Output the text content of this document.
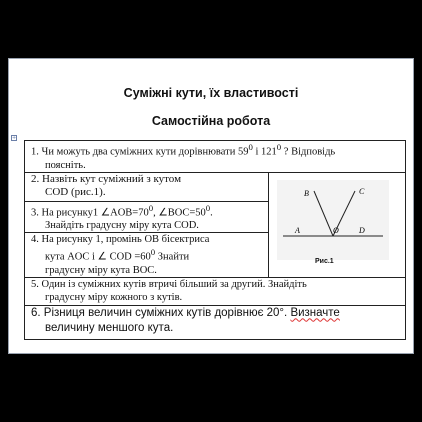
Суміжні кути, їх властивості
Самостійна робота
+
1. Чи можуть два суміжних кути дорівнювати $59^0$ і $121^0$ ? Відповідь
поясніть.

2. Назвіть кут суміжний з кутом
COD (рис.1).

A	O	D
B	C
Рис.1

3. На рисунку1 $\angle AOB=70^0$, $\angle BOC=50^0$.
Знайдіть градусну міру кута COD.

4. На рисунку 1, промінь OB бісектриса
кута AOC і ∠ COD $=60^0$ Знайти
градусну міру кута BOC.

5. Один із суміжних кутів втричі більший за другий. Знайдіть
градусну міру кожного з кутів.

6. Різниця величин суміжних кутів дорівнює 20°. Визначте
величину меншого кута.
